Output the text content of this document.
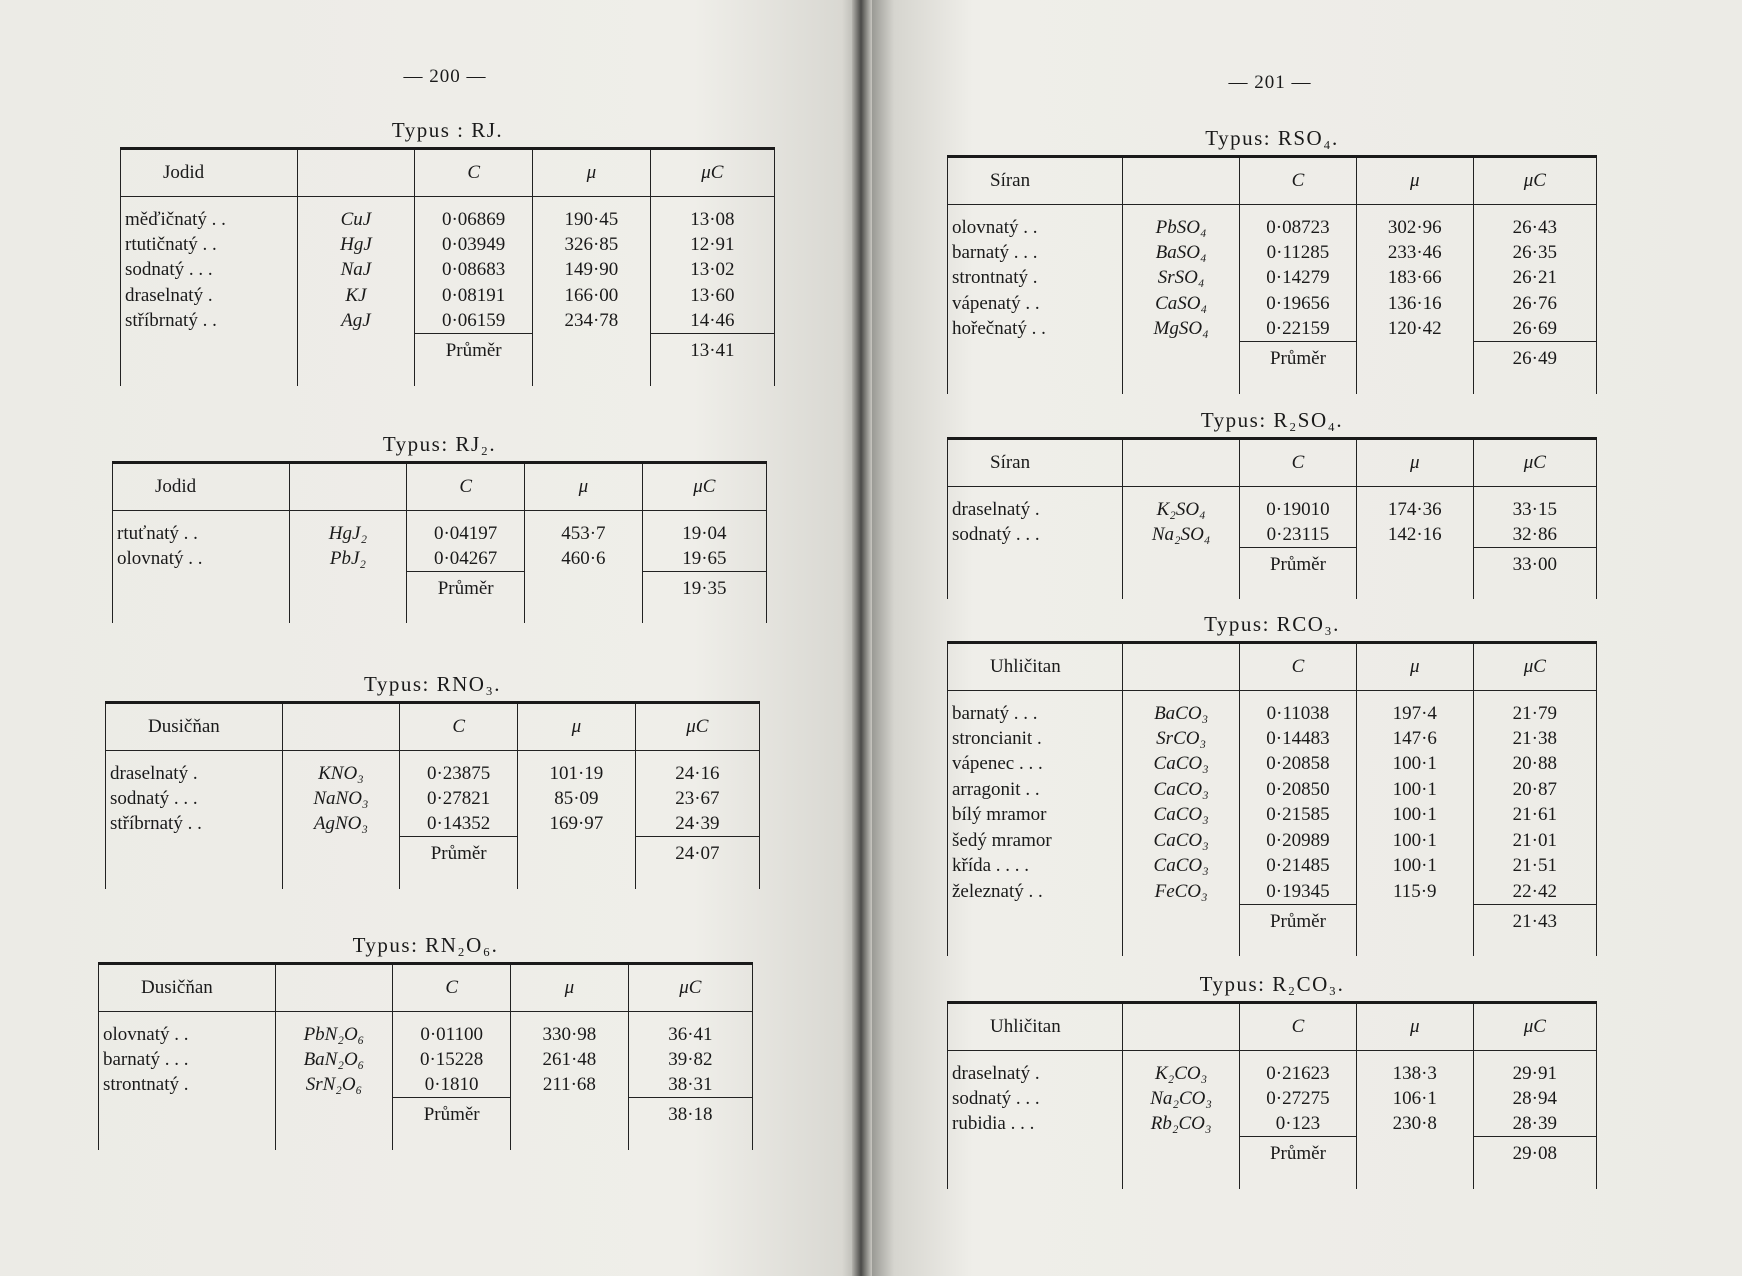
— 200 —	— 201 —
Typus : RJ.
Jodid		C	μ	μC
měďičnatý . .	CuJ	0·06869	190·45	13·08
rtutičnatý . .	HgJ	0·03949	326·85	12·91
sodnatý . . .	NaJ	0·08683	149·90	13·02
draselnatý .	KJ	0·08191	166·00	13·60
stříbrnatý . .	AgJ	0·06159	234·78	14·46
		Průměr		13·41

Typus: RJ₂.
Jodid		C	μ	μC
rtuťnatý . .	HgJ₂	0·04197	453·7	19·04
olovnatý . .	PbJ₂	0·04267	460·6	19·65
		Průměr		19·35

Typus: RNO₃.
Dusičňan		C	μ	μC
draselnatý .	KNO₃	0·23875	101·19	24·16
sodnatý . . .	NaNO₃	0·27821	85·09	23·67
stříbrnatý . .	AgNO₃	0·14352	169·97	24·39
		Průměr		24·07

Typus: RN₂O₆.
Dusičňan		C	μ	μC
olovnatý . .	PbN₂O₆	0·01100	330·98	36·41
barnatý . . .	BaN₂O₆	0·15228	261·48	39·82
strontnatý .	SrN₂O₆	0·1810	211·68	38·31
		Průměr		38·18

Typus: RSO₄.
Síran		C	μ	μC
olovnatý . .	PbSO₄	0·08723	302·96	26·43
barnatý . . .	BaSO₄	0·11285	233·46	26·35
strontnatý .	SrSO₄	0·14279	183·66	26·21
vápenatý . .	CaSO₄	0·19656	136·16	26·76
hořečnatý . .	MgSO₄	0·22159	120·42	26·69
		Průměr		26·49

Typus: R₂SO₄.
Síran		C	μ	μC
draselnatý .	K₂SO₄	0·19010	174·36	33·15
sodnatý . . .	Na₂SO₄	0·23115	142·16	32·86
		Průměr		33·00

Typus: RCO₃.
Uhličitan		C	μ	μC
barnatý . . .	BaCO₃	0·11038	197·4	21·79
stroncianit .	SrCO₃	0·14483	147·6	21·38
vápenec . . .	CaCO₃	0·20858	100·1	20·88
arragonit . .	CaCO₃	0·20850	100·1	20·87
bílý mramor	CaCO₃	0·21585	100·1	21·61
šedý mramor	CaCO₃	0·20989	100·1	21·01
křída . . . .	CaCO₃	0·21485	100·1	21·51
železnatý . .	FeCO₃	0·19345	115·9	22·42
		Průměr		21·43

Typus: R₂CO₃.
Uhličitan		C	μ	μC
draselnatý .	K₂CO₃	0·21623	138·3	29·91
sodnatý . . .	Na₂CO₃	0·27275	106·1	28·94
rubidia . . .	Rb₂CO₃	0·123	230·8	28·39
		Průměr		29·08
